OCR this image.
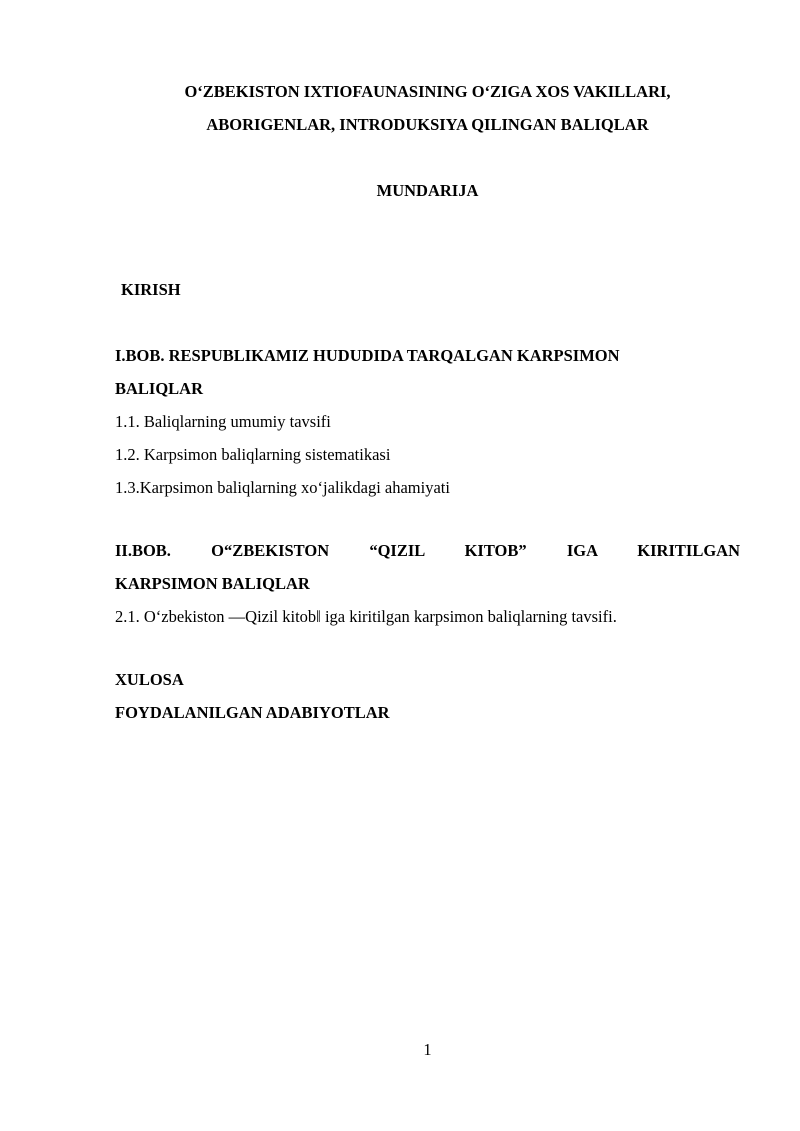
O‘ZBEKISTON IXTIOFAUNASINING O‘ZIGA XOS VAKILLARI,
ABORIGENLAR, INTRODUKSIYA QILINGAN BALIQLAR
MUNDARIJA

KIRISH

I.BOB. RESPUBLIKAMIZ HUDUDIDA TARQALGAN KARPSIMON
BALIQLAR

1.1. Baliqlarning umumiy tavsifi

1.2. Karpsimon baliqlarning sistematikasi

1.3.Karpsimon baliqlarning xo‘jalikdagi ahamiyati

II.BOB. O“ZBEKISTON “QIZIL KITOB” IGA KIRITILGAN
KARPSIMON BALIQLAR

2.1. O‘zbekiston ―Qizil kitob‖ iga kiritilgan karpsimon baliqlarning tavsifi.

XULOSA

FOYDALANILGAN ADABIYOTLAR

1
